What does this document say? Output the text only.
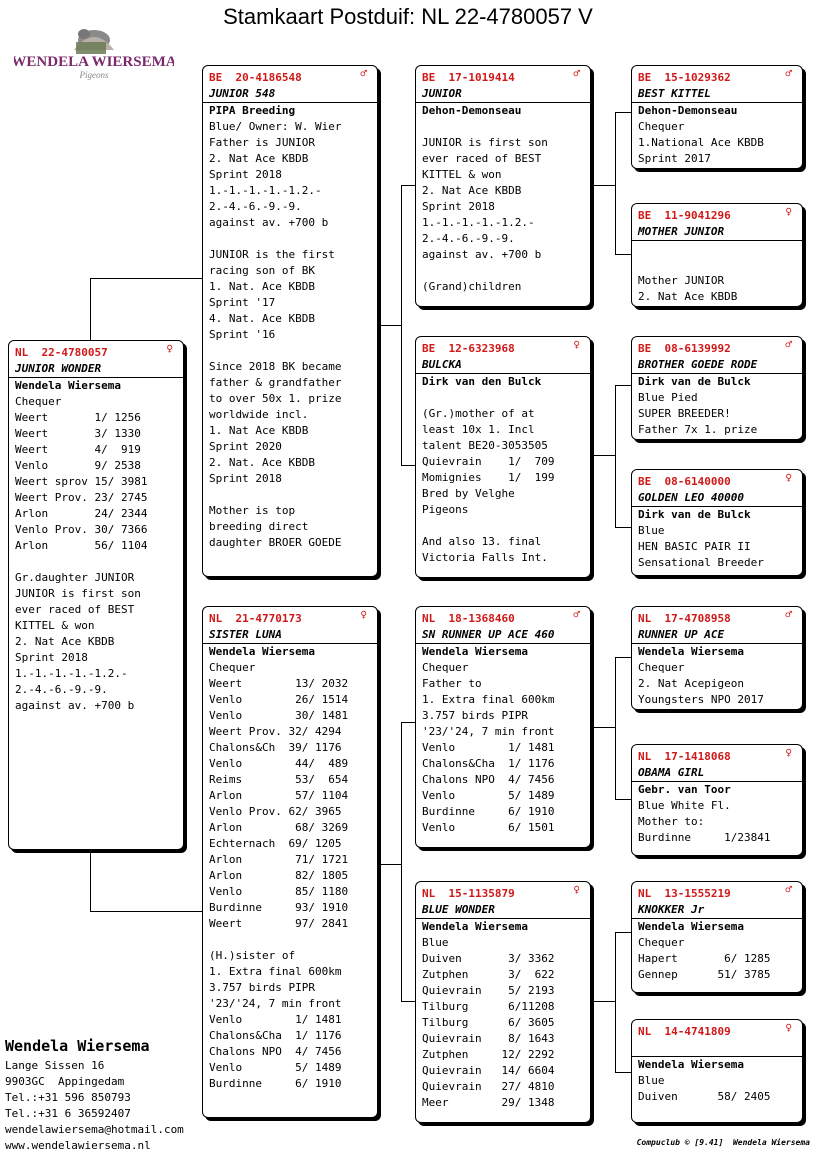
Stamkaart Postduif: NL 22-4780057 V
WENDELA WIERSEMA
Pigeons
NL  22-4780057	♀
JUNIOR WONDER
Wendela Wiersema
Chequer
Weert       1/ 1256
Weert       3/ 1330
Weert       4/  919
Venlo       9/ 2538
Weert sprov 15/ 3981
Weert Prov. 23/ 2745
Arlon       24/ 2344
Venlo Prov. 30/ 7366
Arlon       56/ 1104
Gr.daughter JUNIOR
JUNIOR is first son
ever raced of BEST
KITTEL & won
2. Nat Ace KBDB
Sprint 2018
1.-1.-1.-1.-1.2.-
2.-4.-6.-9.-9.
against av. +700 b
BE  20-4186548	♂
JUNIOR 548
PIPA Breeding
Blue/ Owner: W. Wier
Father is JUNIOR
2. Nat Ace KBDB
Sprint 2018
1.-1.-1.-1.-1.2.-
2.-4.-6.-9.-9.
against av. +700 b
JUNIOR is the first
racing son of BK
1. Nat. Ace KBDB
Sprint '17
4. Nat. Ace KBDB
Sprint '16
Since 2018 BK became
father & grandfather
to over 50x 1. prize
worldwide incl.
1. Nat Ace KBDB
Sprint 2020
2. Nat. Ace KBDB
Sprint 2018
Mother is top
breeding direct
daughter BROER GOEDE
NL  21-4770173	♀
SISTER LUNA
Wendela Wiersema
Chequer
Weert        13/ 2032
Venlo        26/ 1514
Venlo        30/ 1481
Weert Prov. 32/ 4294
Chalons&Ch  39/ 1176
Venlo        44/  489
Reims        53/  654
Arlon        57/ 1104
Venlo Prov. 62/ 3965
Arlon        68/ 3269
Echternach  69/ 1205
Arlon        71/ 1721
Arlon        82/ 1805
Venlo        85/ 1180
Burdinne     93/ 1910
Weert        97/ 2841
(H.)sister of
1. Extra final 600km
3.757 birds PIPR
'23/'24, 7 min front
Venlo        1/ 1481
Chalons&Cha  1/ 1176
Chalons NPO  4/ 7456
Venlo        5/ 1489
Burdinne     6/ 1910
BE  17-1019414	♂
JUNIOR
Dehon-Demonseau
JUNIOR is first son
ever raced of BEST
KITTEL & won
2. Nat Ace KBDB
Sprint 2018
1.-1.-1.-1.-1.2.-
2.-4.-6.-9.-9.
against av. +700 b
(Grand)children
BE  12-6323968	♀
BULCKA
Dirk van den Bulck
(Gr.)mother of at
least 10x 1. Incl
talent BE20-3053505
Quievrain    1/  709
Momignies    1/  199
Bred by Velghe
Pigeons
And also 13. final
Victoria Falls Int.
NL  18-1368460	♂
SN RUNNER UP ACE 460
Wendela Wiersema
Chequer
Father to
1. Extra final 600km
3.757 birds PIPR
'23/'24, 7 min front
Venlo        1/ 1481
Chalons&Cha  1/ 1176
Chalons NPO  4/ 7456
Venlo        5/ 1489
Burdinne     6/ 1910
Venlo        6/ 1501
NL  15-1135879	♀
BLUE WONDER
Wendela Wiersema
Blue
Duiven       3/ 3362
Zutphen      3/  622
Quievrain    5/ 2193
Tilburg      6/11208
Tilburg      6/ 3605
Quievrain    8/ 1643
Zutphen     12/ 2292
Quievrain   14/ 6604
Quievrain   27/ 4810
Meer        29/ 1348
BE  15-1029362	♂
BEST KITTEL
Dehon-Demonseau
Chequer
1.National Ace KBDB
Sprint 2017
BE  11-9041296	♀
MOTHER JUNIOR
Mother JUNIOR
2. Nat Ace KBDB
BE  08-6139992	♂
BROTHER GOEDE RODE
Dirk van de Bulck
Blue Pied
SUPER BREEDER!
Father 7x 1. prize
BE  08-6140000	♀
GOLDEN LEO 40000
Dirk van de Bulck
Blue
HEN BASIC PAIR II
Sensational Breeder
NL  17-4708958	♂
RUNNER UP ACE
Wendela Wiersema
Chequer
2. Nat Acepigeon
Youngsters NPO 2017
NL  17-1418068	♀
OBAMA GIRL
Gebr. van Toor
Blue White Fl.
Mother to:
Burdinne     1/23841
NL  13-1555219	♂
KNOKKER Jr
Wendela Wiersema
Chequer
Hapert       6/ 1285
Gennep      51/ 3785
NL  14-4741809	♀
Wendela Wiersema
Blue
Duiven      58/ 2405
Wendela Wiersema
Lange Sissen 16
9903GC  Appingedam
Tel.:+31 596 850793
Tel.:+31 6 36592407
wendelawiersema@hotmail.com
www.wendelawiersema.nl	Compuclub © [9.41]  Wendela Wiersema
